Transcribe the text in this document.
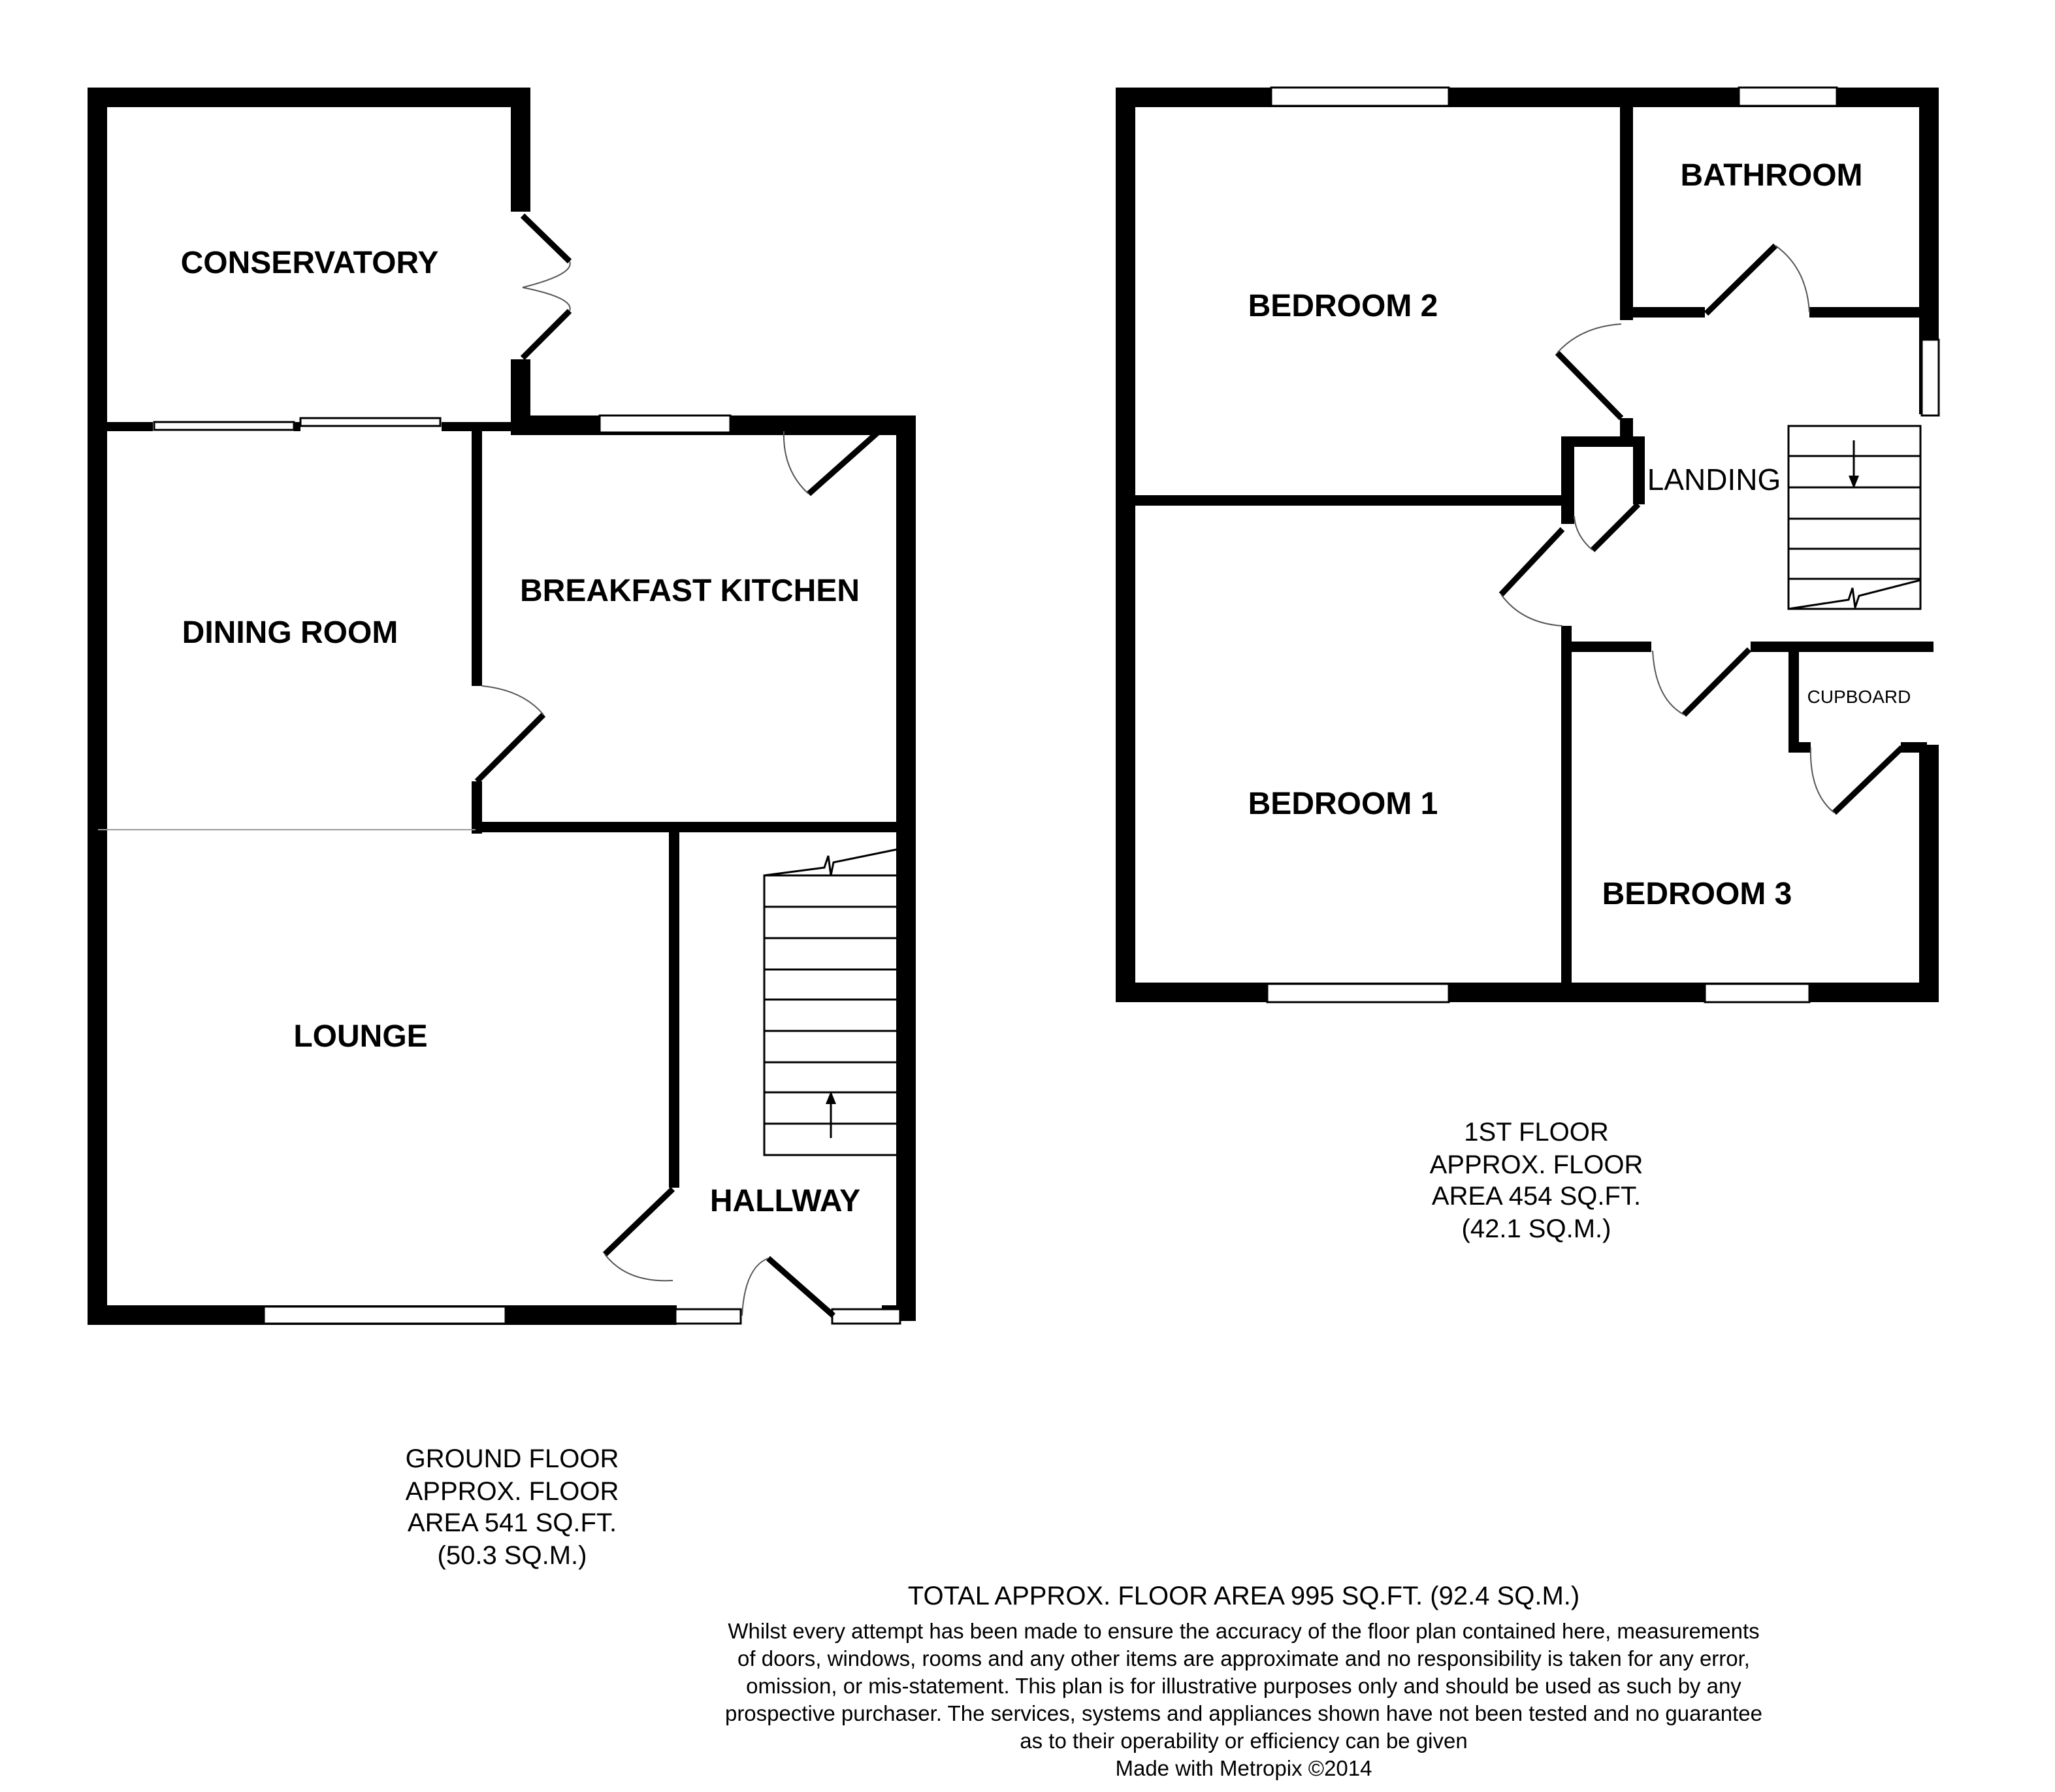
CONSERVATORY
DINING ROOM
BREAKFAST KITCHEN
LOUNGE
HALLWAY
BEDROOM 2
BATHROOM
LANDING
BEDROOM 1
CUPBOARD
BEDROOM 3
1ST FLOOR
APPROX. FLOOR
AREA 454 SQ.FT.
(42.1 SQ.M.)
GROUND FLOOR
APPROX. FLOOR
AREA 541 SQ.FT.
(50.3 SQ.M.)
TOTAL APPROX. FLOOR AREA 995 SQ.FT. (92.4 SQ.M.)
Whilst every attempt has been made to ensure the accuracy of the floor plan contained here, measurements
of doors, windows, rooms and any other items are approximate and no responsibility is taken for any error,
omission, or mis-statement. This plan is for illustrative purposes only and should be used as such by any
prospective purchaser. The services, systems and appliances shown have not been tested and no guarantee
as to their operability or efficiency can be given
Made with Metropix ©2014
